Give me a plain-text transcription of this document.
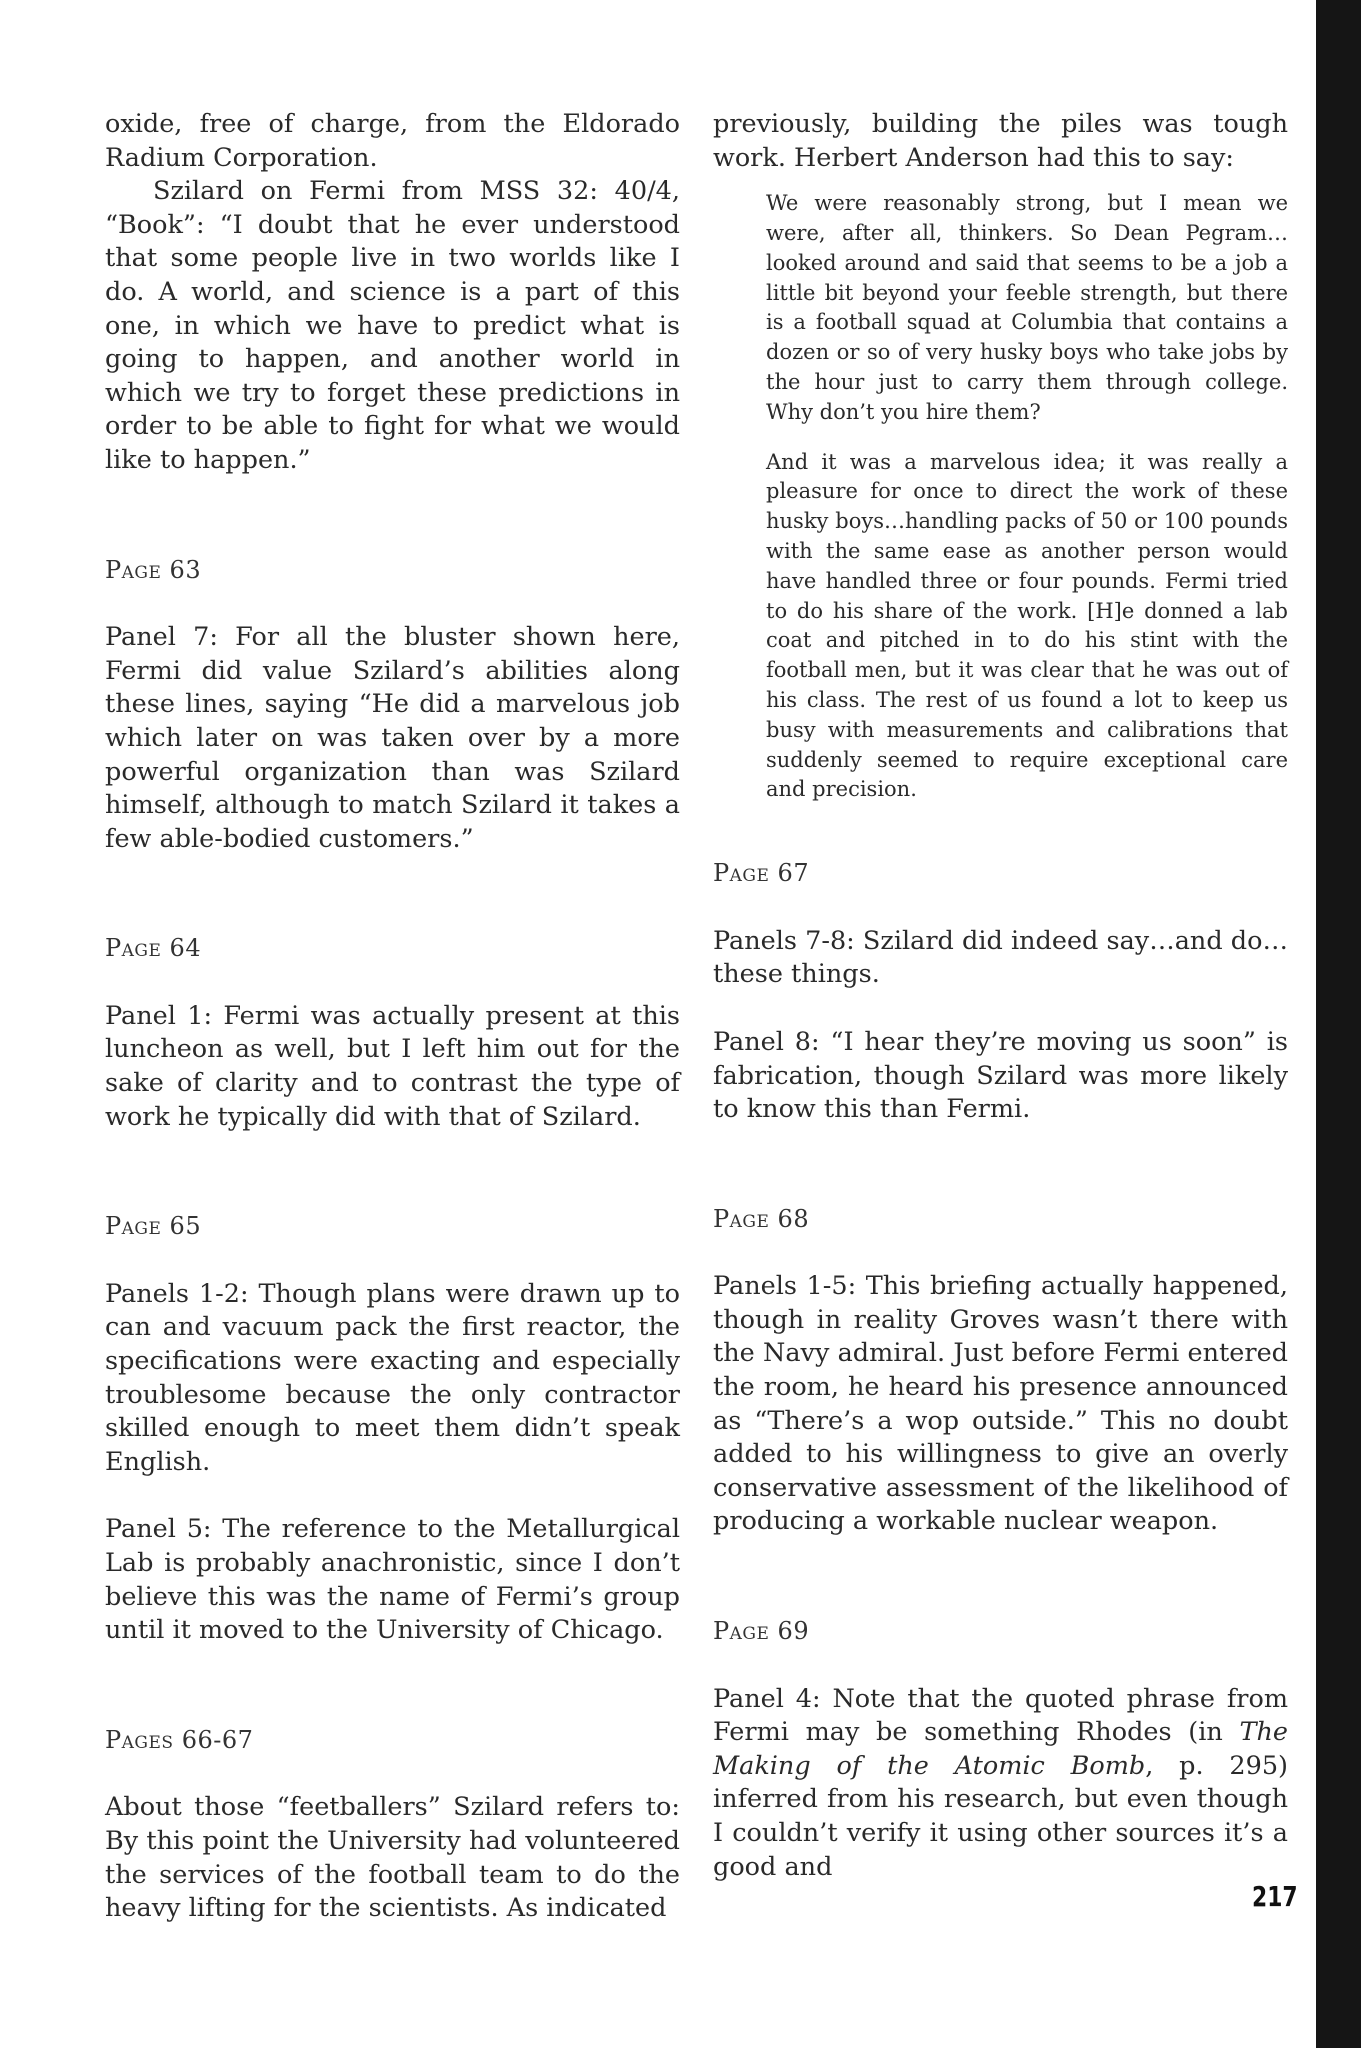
oxide, free of charge, from the Eldorado Radium Corporation.

Szilard on Fermi from MSS 32: 40/4, “Book”: “I doubt that he ever understood that some people live in two worlds like I do. A world, and science is a part of this one, in which we have to predict what is going to happen, and another world in which we try to forget these predictions in order to be able to fight for what we would like to happen.”

Page 63

Panel 7: For all the bluster shown here, Fermi did value Szilard’s abilities along these lines, saying “He did a marvelous job which later on was taken over by a more powerful organization than was Szilard himself, although to match Szilard it takes a few able-bodied customers.”

Page 64

Panel 1: Fermi was actually present at this luncheon as well, but I left him out for the sake of clarity and to contrast the type of work he typically did with that of Szilard.

Page 65

Panels 1-2: Though plans were drawn up to can and vacuum pack the first reactor, the specifications were exacting and especially troublesome because the only contractor skilled enough to meet them didn’t speak English.

Panel 5: The reference to the Metallurgical Lab is probably anachronistic, since I don’t believe this was the name of Fermi’s group until it moved to the University of Chicago.

Pages 66-67

About those “feetballers” Szilard refers to: By this point the University had volunteered the services of the football team to do the heavy lifting for the scientists. As indicated

previously, building the piles was tough work. Herbert Anderson had this to say:

We were reasonably strong, but I mean we were, after all, thinkers. So Dean Pegram…looked around and said that seems to be a job a little bit beyond your feeble strength, but there is a football squad at Columbia that contains a dozen or so of very husky boys who take jobs by the hour just to carry them through college. Why don’t you hire them?

And it was a marvelous idea; it was really a pleasure for once to direct the work of these husky boys…handling packs of 50 or 100 pounds with the same ease as another person would have handled three or four pounds. Fermi tried to do his share of the work. [H]e donned a lab coat and pitched in to do his stint with the football men, but it was clear that he was out of his class. The rest of us found a lot to keep us busy with measurements and calibrations that suddenly seemed to require exceptional care and precision.

Page 67

Panels 7-8: Szilard did indeed say…and do…these things.

Panel 8: “I hear they’re moving us soon” is fabrication, though Szilard was more likely to know this than Fermi.

Page 68

Panels 1-5: This briefing actually happened, though in reality Groves wasn’t there with the Navy admiral. Just before Fermi entered the room, he heard his presence announced as “There’s a wop outside.” This no doubt added to his willingness to give an overly conservative assessment of the likelihood of producing a workable nuclear weapon.

Page 69

Panel 4: Note that the quoted phrase from Fermi may be something Rhodes (in The Making of the Atomic Bomb, p. 295) inferred from his research, but even though I couldn’t verify it using other sources it’s a good and

217
